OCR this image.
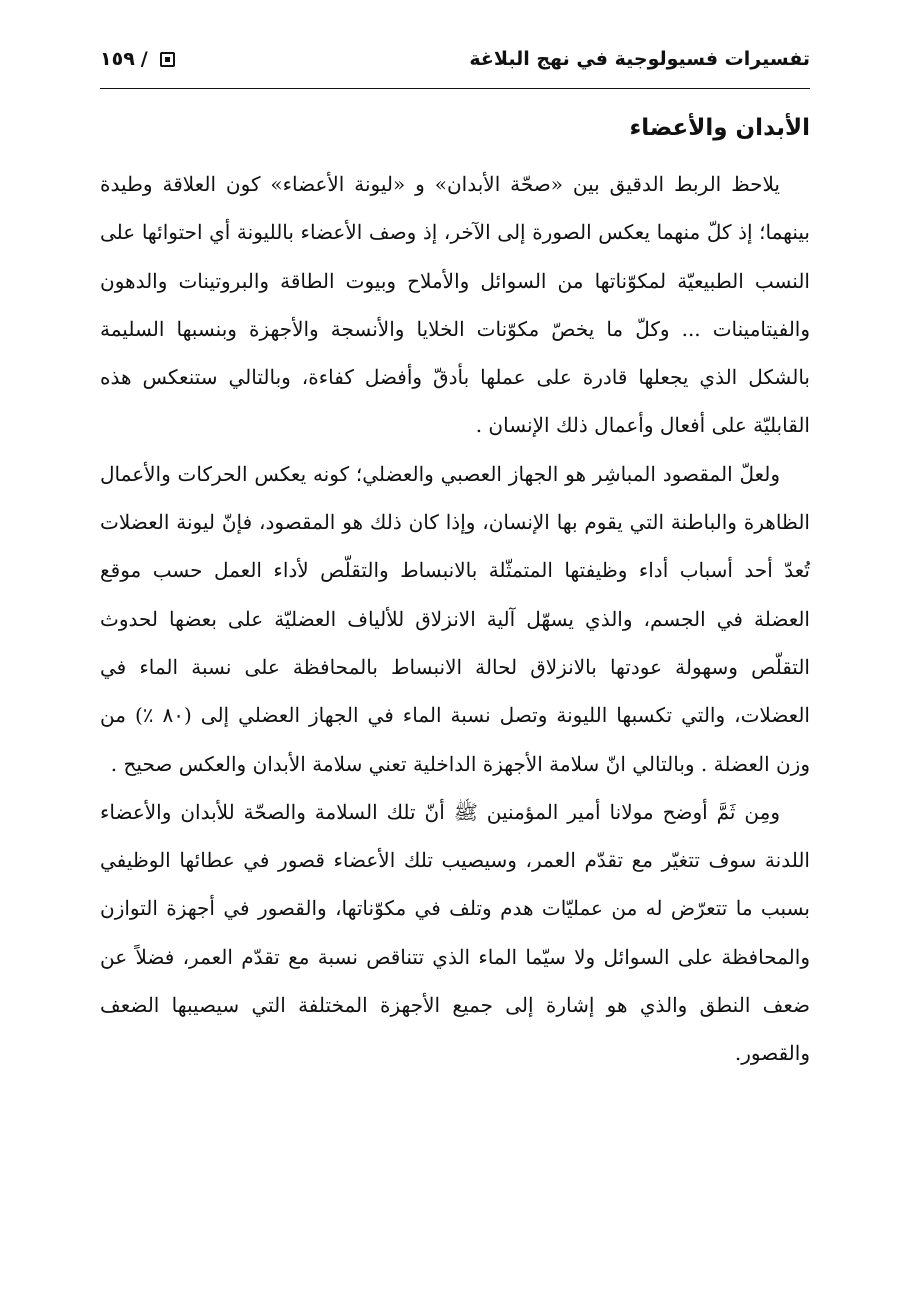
تفسيرات فسيولوجية في نهج البلاغة
١٥٩ /
الأبدان والأعضاء

يلاحظ الربط الدقيق بين «صحّة الأبدان» و «ليونة الأعضاء» كون العلاقة وطيدة بينهما؛ إذ كلّ منهما يعكس الصورة إلى الآخر، إذ وصف الأعضاء بالليونة أي احتوائها على النسب الطبيعيّة لمكوّناتها من السوائل والأملاح وبيوت الطاقة والبروتينات والدهون والفيتامينات ... وكلّ ما يخصّ مكوّنات الخلايا والأنسجة والأجهزة وبنسبها السليمة بالشكل الذي يجعلها قادرة على عملها بأدقّ وأفضل كفاءة، وبالتالي ستنعكس هذه القابليّة على أفعال وأعمال ذلك الإنسان .

ولعلّ المقصود المباشِر هو الجهاز العصبي والعضلي؛ كونه يعكس الحركات والأعمال الظاهرة والباطنة التي يقوم بها الإنسان، وإذا كان ذلك هو المقصود، فإنّ ليونة العضلات تُعدّ أحد أسباب أداء وظيفتها المتمثّلة بالانبساط والتقلّص لأداء العمل حسب موقع العضلة في الجسم، والذي يسهّل آلية الانزلاق للألياف العضليّة على بعضها لحدوث التقلّص وسهولة عودتها بالانزلاق لحالة الانبساط بالمحافظة على نسبة الماء في العضلات، والتي تكسبها الليونة وتصل نسبة الماء في الجهاز العضلي إلى (٨٠ ٪) من وزن العضلة . وبالتالي انّ سلامة الأجهزة الداخلية تعني سلامة الأبدان والعكس صحيح .

ومِن ثَمَّ أوضح مولانا أمير المؤمنين ﷺ أنّ تلك السلامة والصحّة للأبدان والأعضاء اللدنة سوف تتغيّر مع تقدّم العمر، وسيصيب تلك الأعضاء قصور في عطائها الوظيفي بسبب ما تتعرّض له من عمليّات هدم وتلف في مكوّناتها، والقصور في أجهزة التوازن والمحافظة على السوائل ولا سيّما الماء الذي تتناقص نسبة مع تقدّم العمر، فضلاً عن ضعف النطق والذي هو إشارة إلى جميع الأجهزة المختلفة التي سيصيبها الضعف والقصور.
